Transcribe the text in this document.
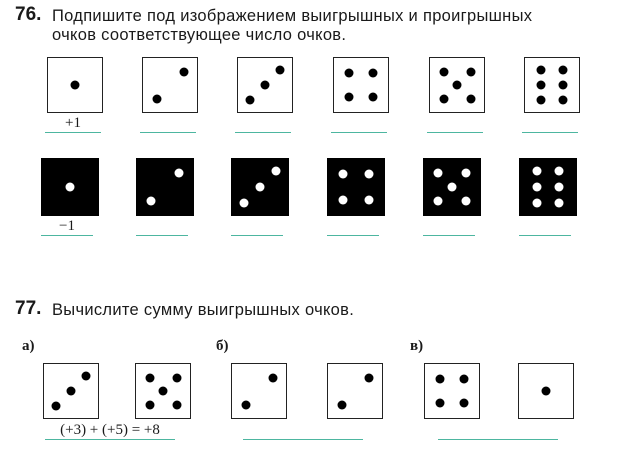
76. Подпишите под изображением выигрышных и проигрышных
очков соответствующее число очков.
+1
−1
77. Вычислите сумму выигрышных очков.
а)
(+3) + (+5) = +8
б)	в)
